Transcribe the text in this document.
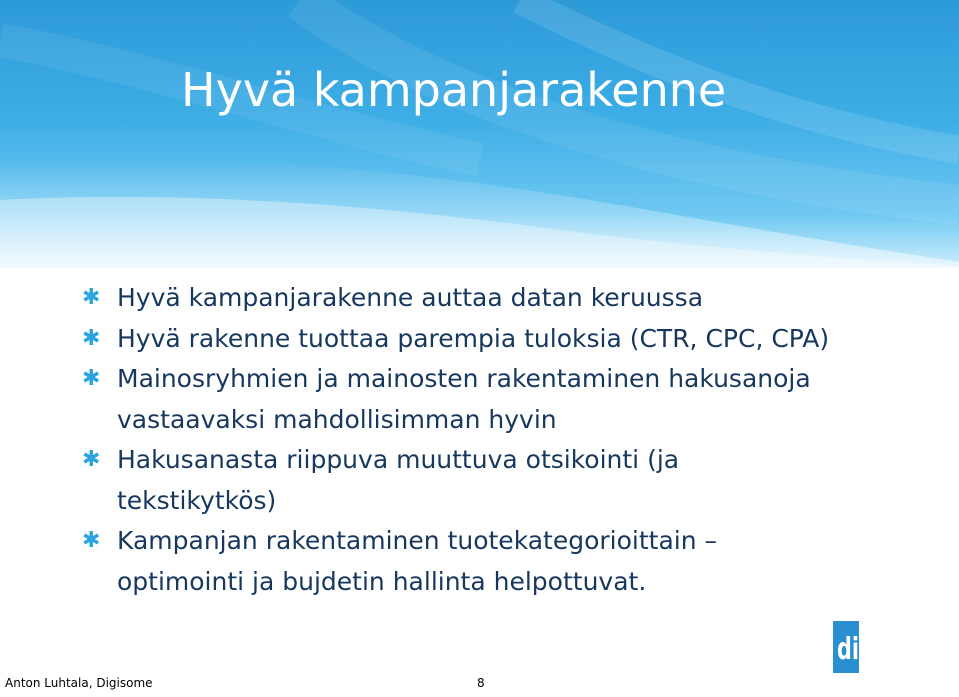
Hyvä kampanjarakenne
✱ Hyvä kampanjarakenne auttaa datan keruussa
✱ Hyvä rakenne tuottaa parempia tuloksia (CTR, CPC, CPA)
✱ Mainosryhmien ja mainosten rakentaminen hakusanoja vastaavaksi mahdollisimman hyvin
✱ Hakusanasta riippuva muuttuva otsikointi (ja tekstikytkös)
✱ Kampanjan rakentaminen tuotekategorioittain – optimointi ja bujdetin hallinta helpottuvat.
digisome
Anton Luhtala, Digisome	8
